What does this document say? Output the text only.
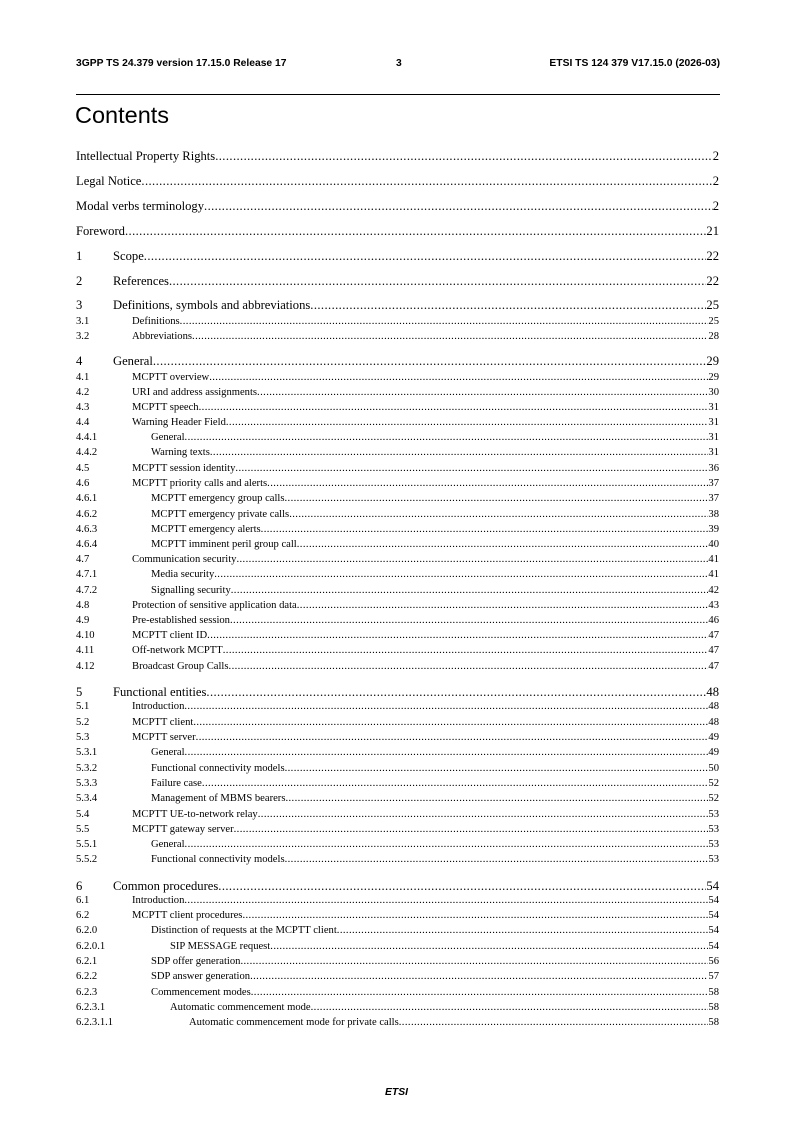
3GPP TS 24.379 version 17.15.0 Release 17	3	ETSI TS 124 379 V17.15.0 (2026-03)
Contents
Intellectual Property Rights .....	2
Legal Notice .....	2
Modal verbs terminology .....	2
Foreword .....	21
1	Scope .....	22
2	References .....	22
3	Definitions, symbols and abbreviations .....	25
3.1	Definitions .....	25
3.2	Abbreviations .....	28
4	General .....	29
4.1	MCPTT overview .....	29
4.2	URI and address assignments .....	30
4.3	MCPTT speech .....	31
4.4	Warning Header Field .....	31
4.4.1	General .....	31
4.4.2	Warning texts .....	31
4.5	MCPTT session identity .....	36
4.6	MCPTT priority calls and alerts .....	37
4.6.1	MCPTT emergency group calls .....	37
4.6.2	MCPTT emergency private calls .....	38
4.6.3	MCPTT emergency alerts .....	39
4.6.4	MCPTT imminent peril group call .....	40
4.7	Communication security .....	41
4.7.1	Media security .....	41
4.7.2	Signalling security .....	42
4.8	Protection of sensitive application data .....	43
4.9	Pre-established session .....	46
4.10	MCPTT client ID .....	47
4.11	Off-network MCPTT .....	47
4.12	Broadcast Group Calls .....	47
5	Functional entities .....	48
5.1	Introduction .....	48
5.2	MCPTT client .....	48
5.3	MCPTT server .....	49
5.3.1	General .....	49
5.3.2	Functional connectivity models .....	50
5.3.3	Failure case .....	52
5.3.4	Management of MBMS bearers .....	52
5.4	MCPTT UE-to-network relay .....	53
5.5	MCPTT gateway server .....	53
5.5.1	General .....	53
5.5.2	Functional connectivity models .....	53
6	Common procedures .....	54
6.1	Introduction .....	54
6.2	MCPTT client procedures .....	54
6.2.0	Distinction of requests at the MCPTT client .....	54
6.2.0.1	SIP MESSAGE request .....	54
6.2.1	SDP offer generation .....	56
6.2.2	SDP answer generation .....	57
6.2.3	Commencement modes .....	58
6.2.3.1	Automatic commencement mode .....	58
6.2.3.1.1	Automatic commencement mode for private calls .....	58
ETSI
